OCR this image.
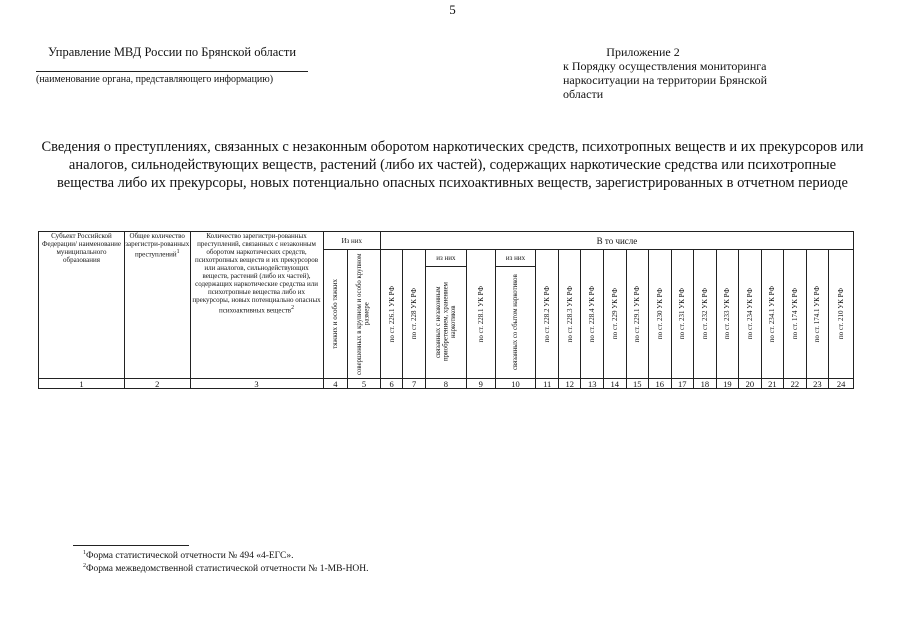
5
Управление МВД России по Брянской области
(наименование органа, представляющего информацию)
Приложение 2
к Порядку осуществления мониторинга
наркоситуации на территории Брянской
области
Сведения о преступлениях, связанных с незаконным оборотом наркотических средств, психотропных веществ и их прекурсоров или аналогов, сильнодействующих веществ, растений (либо их частей), содержащих наркотические средства или психотропные вещества либо их прекурсоры, новых потенциально опасных психоактивных веществ, зарегистрированных в отчетном периоде
Субъект Российской Федерации/ наименование муниципального образования	Общее количество зарегистри-рованных преступлений$^1$	Количество зарегистри-рованных преступлений, связанных с незаконным оборотом наркотических средств, психотропных веществ и их прекурсоров или аналогов, сильнодействующих веществ, растений (либо их частей), содержащих наркотические средства или психотропные вещества либо их прекурсоры, новых потенциально опасных психоактивных веществ$^2$	Из них		В то числе																		

			тяжких и особо тяжких	совершенных в крупном и особо крупном размере	по ст. 226.1 УК РФ	по ст. 228 УК РФ	из них	по ст. 228.1 УК РФ	из них	по ст. 228.2 УК РФ	по ст. 228.3 УК РФ	по ст. 228.4 УК РФ	по ст. 229 УК РФ	по ст. 229.1 УК РФ	по ст. 230 УК РФ	по ст. 231 УК РФ	по ст. 232 УК РФ	по ст. 233 УК РФ	по ст. 234 УК РФ	по ст. 234.1 УК РФ	по ст. 174 УК РФ	по ст. 174.1 УК РФ	по ст. 210 УК РФ

							связанных с незаконным приобретением, хранением наркотиков		связанных со сбытом наркотиков														

1	2	3	4	5	6	7	8	9	10	11	12	13	14	15	16	17	18	19	20	21	22	23	24
$^1$Форма статистической отчетности № 494 «4-ЕГС».
$^2$Форма межведомственной статистической отчетности № 1-МВ-НОН.
